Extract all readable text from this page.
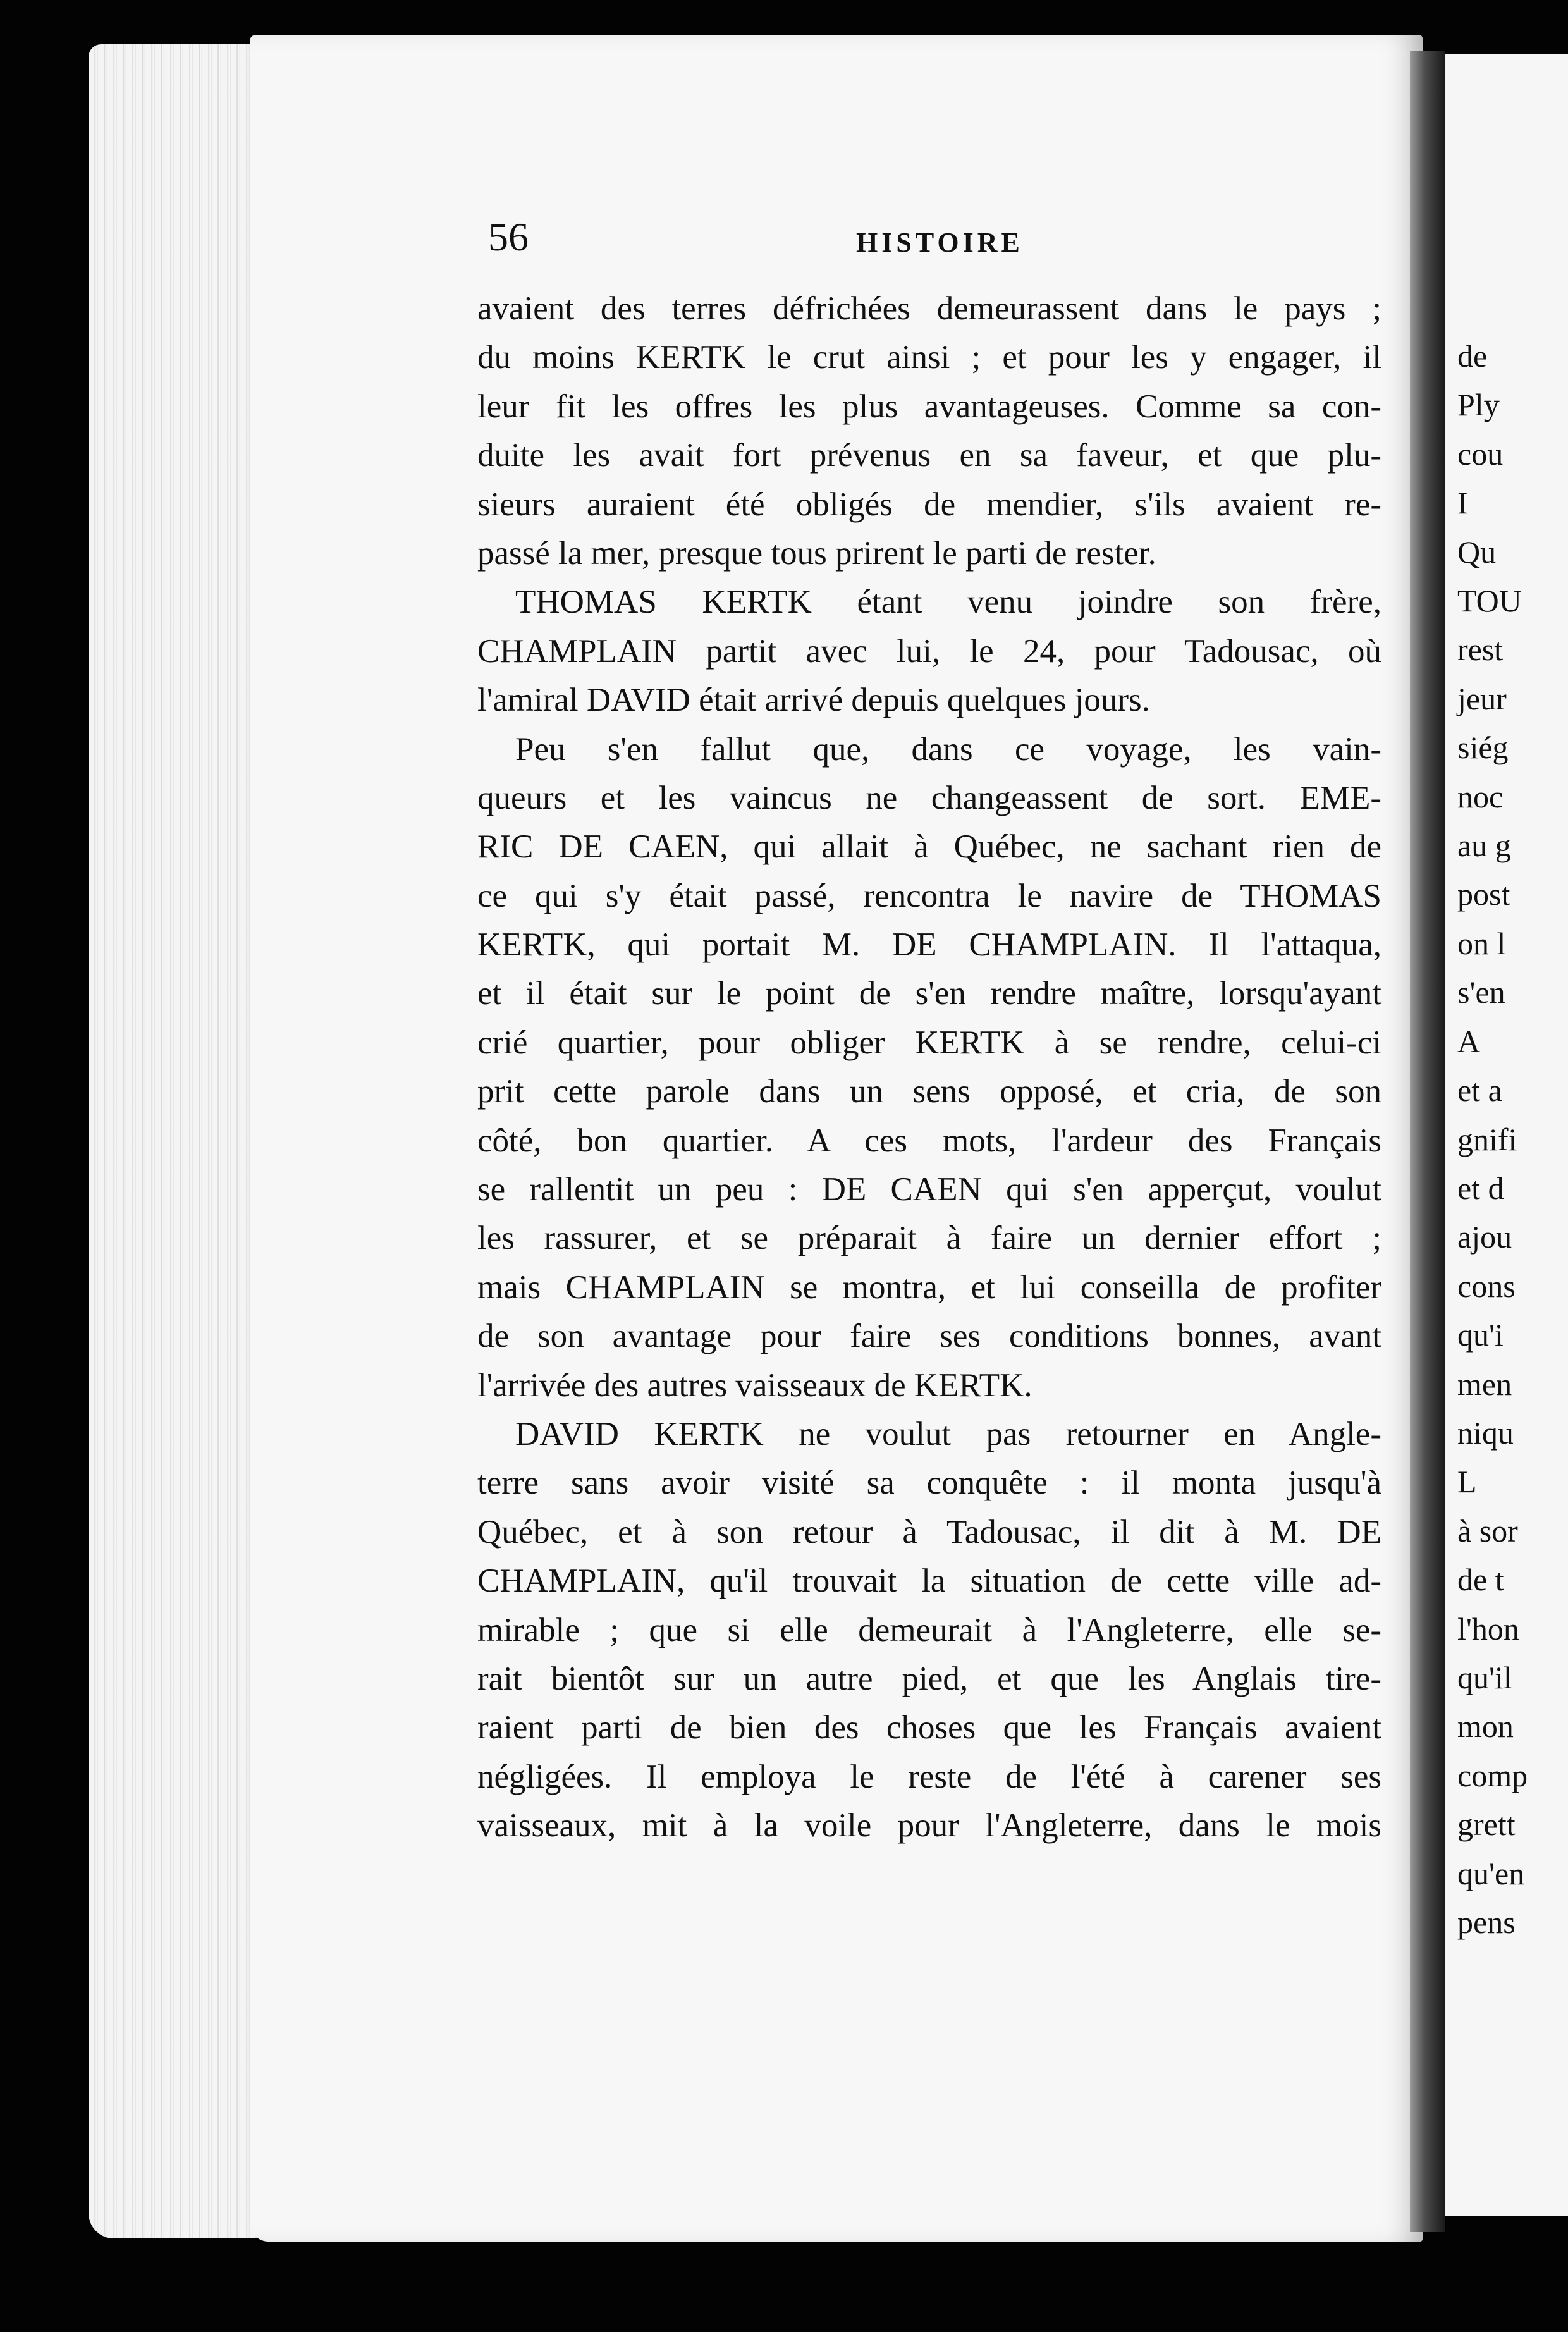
de
Ply
cou
I
Qu
TOU
rest
jeur
siég
noc
au g
post
on l
s'en
A
et a
gnifi
et d
ajou
cons
qu'i
men
niqu
L
à sor
de t
l'hon
qu'il
mon
comp
grett
qu'en
pens
56	HISTOIRE
avaient des terres défrichées demeurassent dans le pays ;
du moins KERTK le crut ainsi ; et pour les y engager, il
leur fit les offres les plus avantageuses. Comme sa con-
duite les avait fort prévenus en sa faveur, et que plu-
sieurs auraient été obligés de mendier, s'ils avaient re-
passé la mer, presque tous prirent le parti de rester.
THOMAS KERTK étant venu joindre son frère,
CHAMPLAIN partit avec lui, le 24, pour Tadousac, où
l'amiral DAVID était arrivé depuis quelques jours.
Peu s'en fallut que, dans ce voyage, les vain-
queurs et les vaincus ne changeassent de sort. EME-
RIC DE CAEN, qui allait à Québec, ne sachant rien de
ce qui s'y était passé, rencontra le navire de THOMAS
KERTK, qui portait M. DE CHAMPLAIN. Il l'attaqua,
et il était sur le point de s'en rendre maître, lorsqu'ayant
crié quartier, pour obliger KERTK à se rendre, celui-ci
prit cette parole dans un sens opposé, et cria, de son
côté, bon quartier. A ces mots, l'ardeur des Français
se rallentit un peu : DE CAEN qui s'en apperçut, voulut
les rassurer, et se préparait à faire un dernier effort ;
mais CHAMPLAIN se montra, et lui conseilla de profiter
de son avantage pour faire ses conditions bonnes, avant
l'arrivée des autres vaisseaux de KERTK.
DAVID KERTK ne voulut pas retourner en Angle-
terre sans avoir visité sa conquête : il monta jusqu'à
Québec, et à son retour à Tadousac, il dit à M. DE
CHAMPLAIN, qu'il trouvait la situation de cette ville ad-
mirable ; que si elle demeurait à l'Angleterre, elle se-
rait bientôt sur un autre pied, et que les Anglais tire-
raient parti de bien des choses que les Français avaient
négligées. Il employa le reste de l'été à carener ses
vaisseaux, mit à la voile pour l'Angleterre, dans le mois
